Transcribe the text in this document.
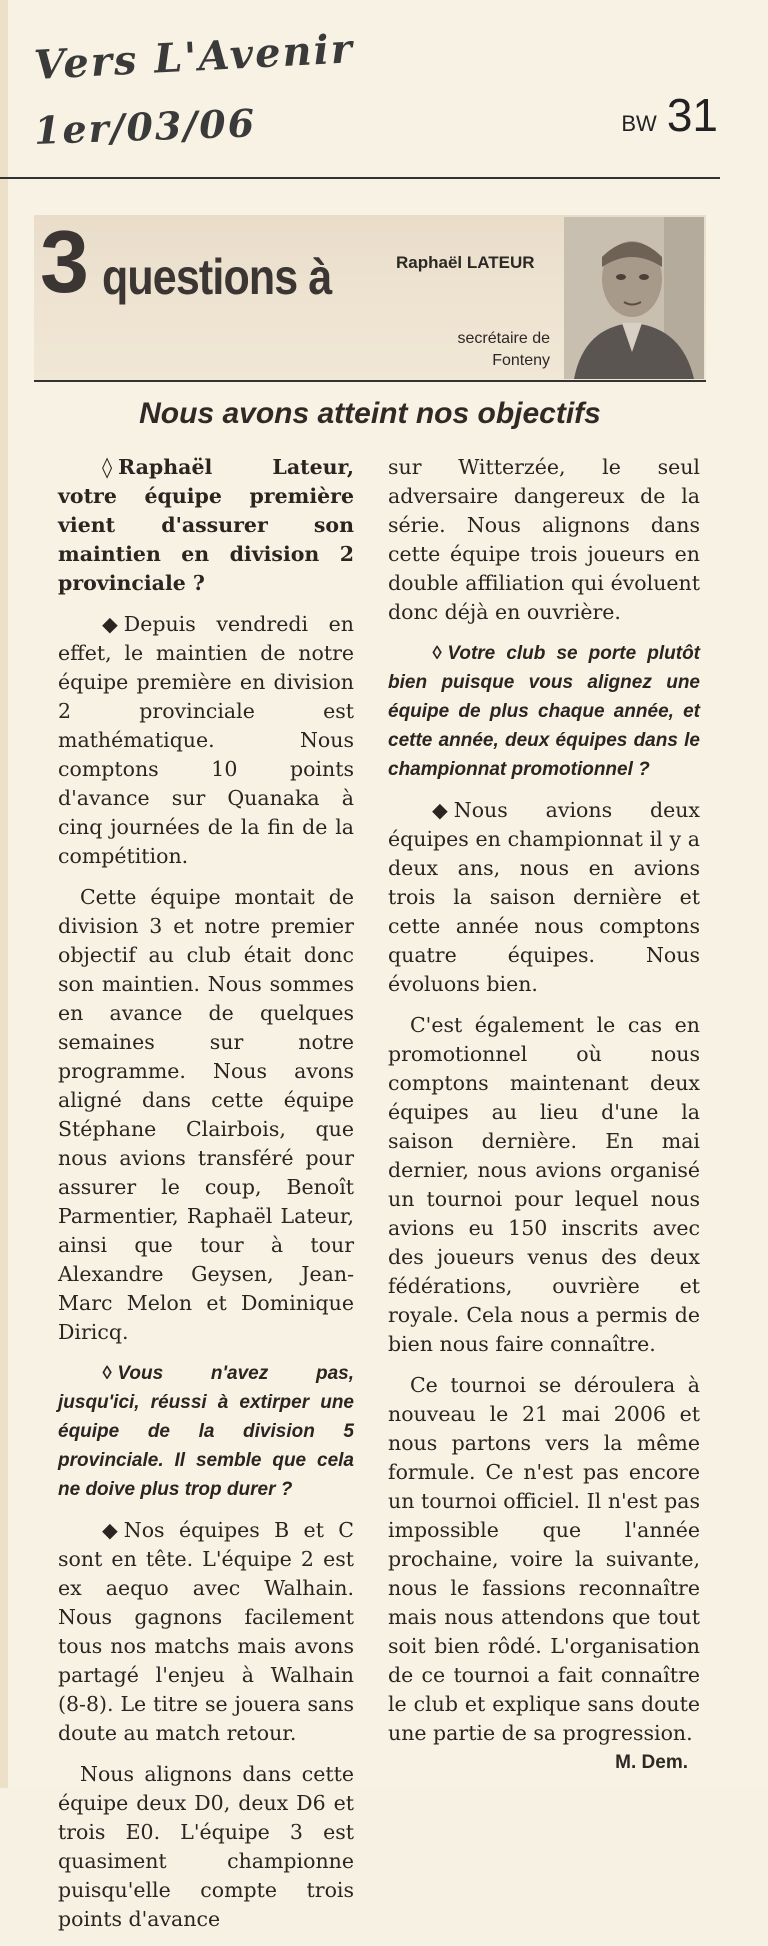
Vers L'Avenir
1er/03/06	BW 31
3 questions à	Raphaël LATEUR
secrétaire de
Fonteny
Nous avons atteint nos objectifs

◊ Raphaël Lateur, votre équipe première vient d'assurer son maintien en division 2 provinciale ?

◆ Depuis vendredi en effet, le maintien de notre équipe première en division 2 provinciale est mathématique. Nous comptons 10 points d'avance sur Quanaka à cinq journées de la fin de la compétition.

Cette équipe montait de division 3 et notre premier objectif au club était donc son maintien. Nous sommes en avance de quelques semaines sur notre programme. Nous avons aligné dans cette équipe Stéphane Clairbois, que nous avions transféré pour assurer le coup, Benoît Parmentier, Raphaël Lateur, ainsi que tour à tour Alexandre Geysen, Jean-Marc Melon et Dominique Diricq.

◊ Vous n'avez pas, jusqu'ici, réussi à extirper une équipe de la division 5 provinciale. Il semble que cela ne doive plus trop durer ?

◆ Nos équipes B et C sont en tête. L'équipe 2 est ex aequo avec Walhain. Nous gagnons facilement tous nos matchs mais avons partagé l'enjeu à Walhain (8-8). Le titre se jouera sans doute au match retour.

Nous alignons dans cette équipe deux D0, deux D6 et trois E0. L'équipe 3 est quasiment championne puisqu'elle compte trois points d'avance

sur Witterzée, le seul adversaire dangereux de la série. Nous alignons dans cette équipe trois joueurs en double affiliation qui évoluent donc déjà en ouvrière.

◊ Votre club se porte plutôt bien puisque vous alignez une équipe de plus chaque année, et cette année, deux équipes dans le championnat promotionnel ?

◆ Nous avions deux équipes en championnat il y a deux ans, nous en avions trois la saison dernière et cette année nous comptons quatre équipes. Nous évoluons bien.

C'est également le cas en promotionnel où nous comptons maintenant deux équipes au lieu d'une la saison dernière. En mai dernier, nous avions organisé un tournoi pour lequel nous avions eu 150 inscrits avec des joueurs venus des deux fédérations, ouvrière et royale. Cela nous a permis de bien nous faire connaître.

Ce tournoi se déroulera à nouveau le 21 mai 2006 et nous partons vers la même formule. Ce n'est pas encore un tournoi officiel. Il n'est pas impossible que l'année prochaine, voire la suivante, nous le fassions reconnaître mais nous attendons que tout soit bien rôdé. L'organisation de ce tournoi a fait connaître le club et explique sans doute une partie de sa progression.

M. Dem.
